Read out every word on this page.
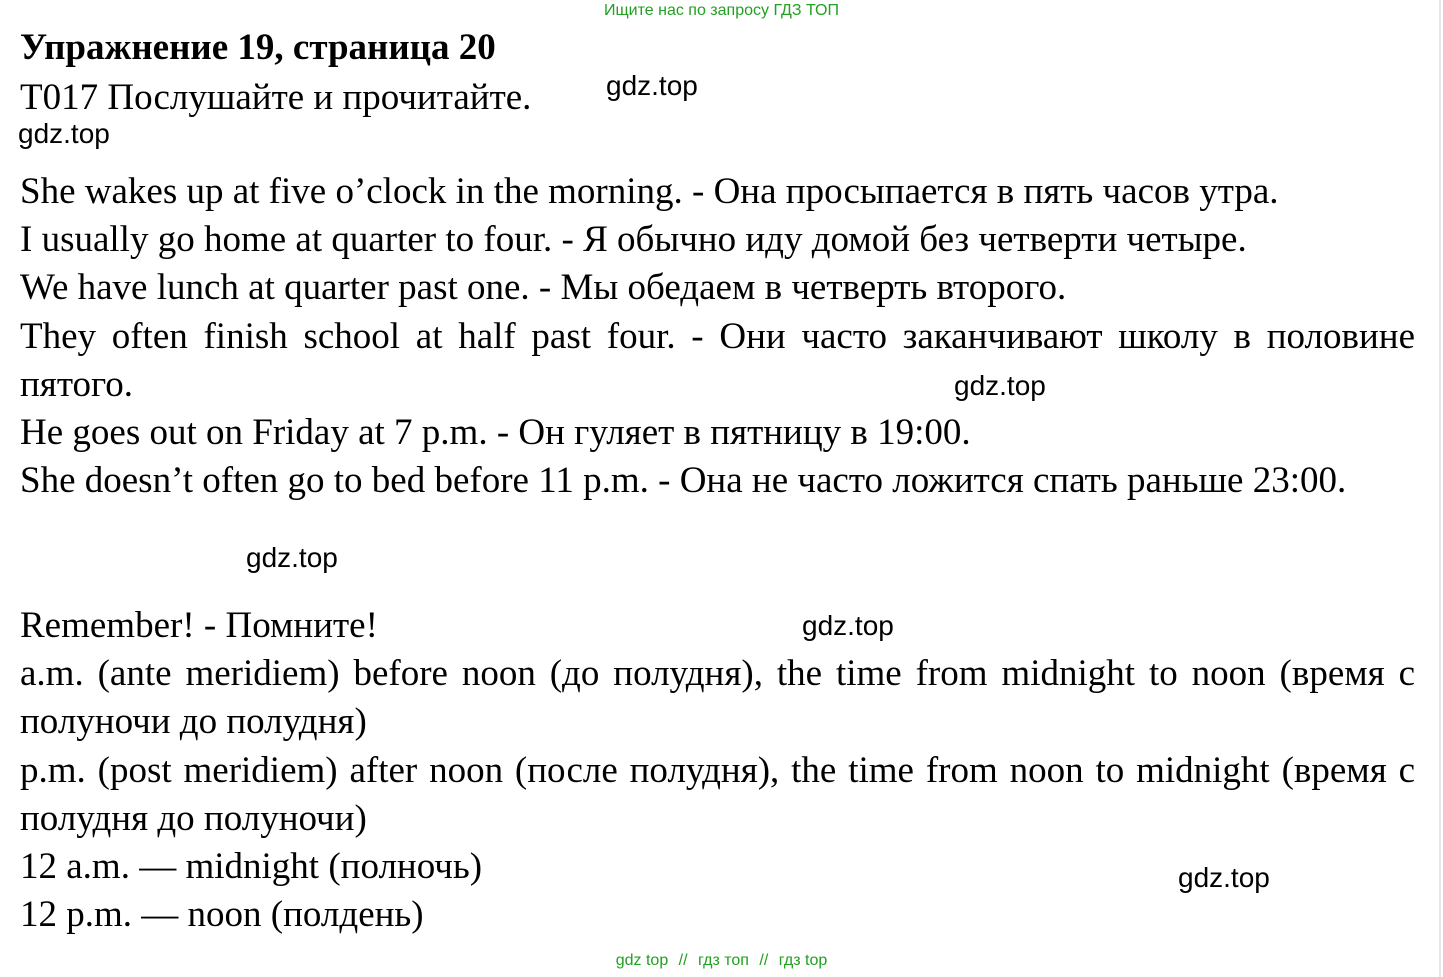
Ищите нас по запросу ГДЗ ТОП
Упражнение 19, страница 20
T017 Послушайте и прочитайте.

She wakes up at five o’clock in the morning. - Она просыпается в пять часов утра.

I usually go home at quarter to four. - Я обычно иду домой без четверти четыре.

We have lunch at quarter past one. - Мы обедаем в четверть второго.

They often finish school at half past four. - Они часто заканчивают школу в половине пятого.

He goes out on Friday at 7 p.m. - Он гуляет в пятницу в 19:00.

She doesn’t often go to bed before 11 p.m. - Она не часто ложится спать раньше 23:00.

Remember! - Помните!

a.m. (ante meridiem) before noon (до полудня), the time from midnight to noon (время с полуночи до полудня)

p.m. (post meridiem) after noon (после полудня), the time from noon to midnight (время с полудня до полуночи)

12 a.m. — midnight (полночь)

12 p.m. — noon (полдень)

gdz.top
gdz.top
gdz.top
gdz.top
gdz.top
gdz.top
gdz top // гдз топ // гдз top
